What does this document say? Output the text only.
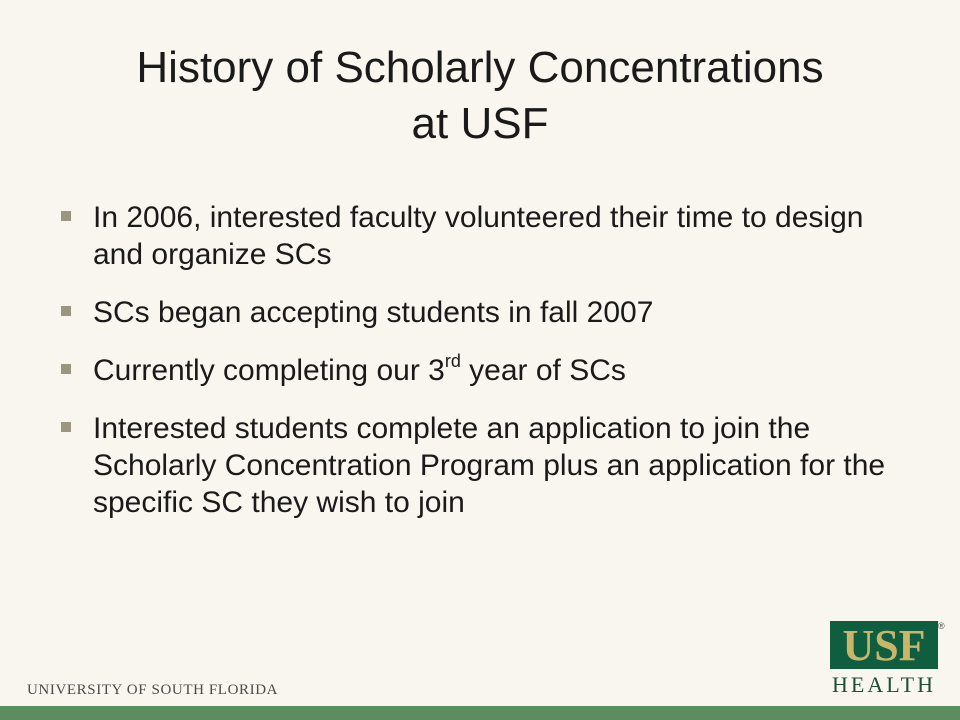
History of Scholarly Concentrations
at USF
In 2006, interested faculty volunteered their time to design and organize SCs
SCs began accepting students in fall 2007
Currently completing our 3rd year of SCs
Interested students complete an application to join the Scholarly Concentration Program plus an application for the specific SC they wish to join
UNIVERSITY OF SOUTH FLORIDA
USF	®
HEALTH
